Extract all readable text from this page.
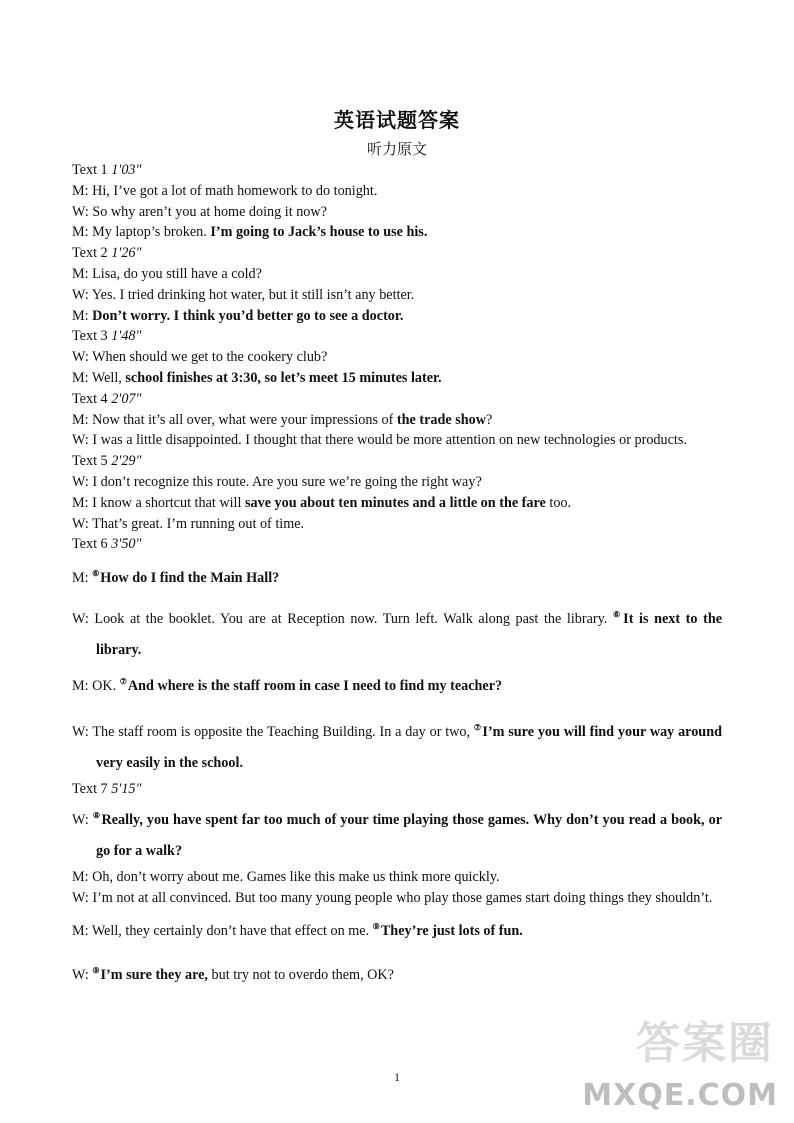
英语试题答案
听力原文
Text 1 1'03"
M: Hi, I’ve got a lot of math homework to do tonight.
W: So why aren’t you at home doing it now?
M: My laptop’s broken. I’m going to Jack’s house to use his.
Text 2 1'26"
M: Lisa, do you still have a cold?
W: Yes. I tried drinking hot water, but it still isn’t any better.
M: Don’t worry. I think you’d better go to see a doctor.
Text 3 1'48"
W: When should we get to the cookery club?
M: Well, school finishes at 3:30, so let’s meet 15 minutes later.
Text 4 2'07"
M: Now that it’s all over, what were your impressions of the trade show?
W: I was a little disappointed. I thought that there would be more attention on new technologies or products.
Text 5 2'29"
W: I don’t recognize this route. Are you sure we’re going the right way?
M: I know a shortcut that will save you about ten minutes and a little on the fare too.
W: That’s great. I’m running out of time.
Text 6 3'50"
M: ⑥How do I find the Main Hall?
W: Look at the booklet. You are at Reception now. Turn left. Walk along past the library. ⑥It is next to the library.
M: OK. ⑦And where is the staff room in case I need to find my teacher?
W: The staff room is opposite the Teaching Building. In a day or two, ⑦I’m sure you will find your way around very easily in the school.
Text 7 5'15"
W: ⑧Really, you have spent far too much of your time playing those games. Why don’t you read a book, or go for a walk?
M: Oh, don’t worry about me. Games like this make us think more quickly.
W: I’m not at all convinced. But too many young people who play those games start doing things they shouldn’t.
M: Well, they certainly don’t have that effect on me. ⑨They’re just lots of fun.
W: ⑨I’m sure they are, but try not to overdo them, OK?
1
答案圈
MXQE.COM
